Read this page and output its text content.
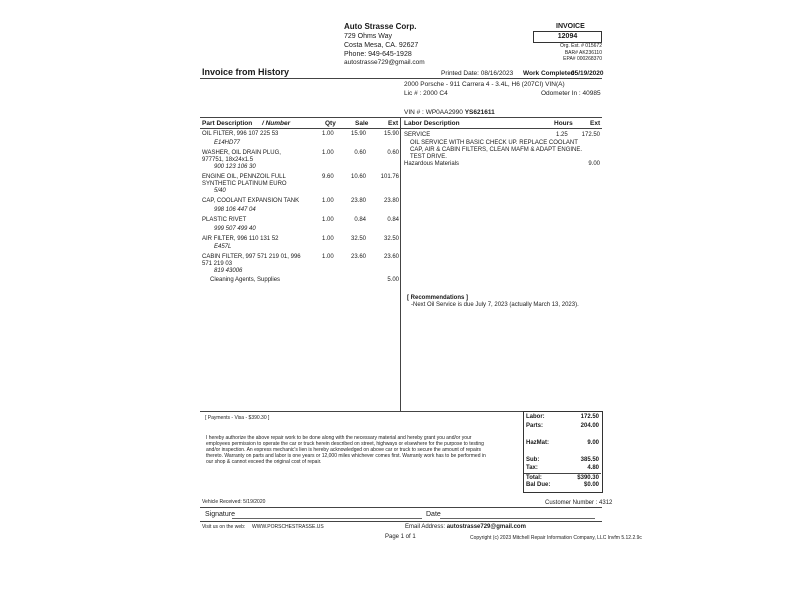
Auto Strasse Corp.
729 Ohms Way
Costa Mesa, CA. 92627
Phone: 949-645-1928
autostrasse729@gmail.com
INVOICE
12094
Org. Est. # 015672
BAR# AK236110
EPA# 000268370
Invoice from History	Printed Date: 08/16/2023 Work Completed:
05/19/2020
2000 Porsche - 911 Carrera 4 - 3.4L, H6 (207CI) VIN(A)
Lic # : 2000 C4	Odometer In : 40985
VIN # : WP0AA2990 YS621611
Part Description / Number	Qty	Sale	Ext Labor Description	Hours	Ext
OIL FILTER, 996 107 225 53
E14HD77
1.00	15.90	15.90
WASHER, OIL DRAIN PLUG,
977751, 18x24x1.5
900 123 106 30
1.00	0.60	0.60
ENGINE OIL, PENNZOIL FULL
SYNTHETIC PLATINUM EURO
5/40
9.60	10.60 101.76
CAP, COOLANT EXPANSION TANK
998 106 447 04
1.00	23.80	23.80
PLASTIC RIVET
999 507 499 40
1.00	0.84	0.84
AIR FILTER, 996 110 131 52
E457L
1.00	32.50	32.50
CABIN FILTER, 997 571 219 01, 996
571 219 03
819 43006
1.00	23.60	23.60
Cleaning Agents, Supplies	5.00
SERVICE	1.25 172.50
OIL SERVICE WITH BASIC CHECK UP. REPLACE COOLANT
CAP, AIR & CABIN FILTERS, CLEAN MAFM & ADAPT ENGINE.
TEST DRIVE.
Hazardous Materials	9.00
[ Recommendations ]
-Next Oil Service is due July 7, 2023 (actually March 13, 2023).
[ Payments - Visa - $390.30 ]
I hereby authorize the above repair work to be done along with the necessary material and hereby grant you and/or your
employees permission to operate the car or truck herein described on street, highways or elsewhere for the purpose to testing
and/or inspection. An express mechanic's lien is hereby acknowledged on above car or truck to secure the amount of repairs
thereto. Warranty on parts and labor is one years or 12,000 miles whichever comes first. Warranty work has to be performed in
our shop & cannot exceed the original cost of repair.
Labor:	172.50
Parts:	204.00
HazMat:	9.00
Sub:	385.50
Tax:	4.80
Total:	$390.30
Bal Due:	$0.00
Vehicle Received: 5/19/2020	Customer Number : 4312
Signature	Date
Visit us on the web: WWW.PORSCHESTRASSE.US	Email Address: autostrasse729@gmail.com
Page 1 of 1	Copyright (c) 2023 Mitchell Repair Information Company, LLC Invfm 5.12.2.9c
